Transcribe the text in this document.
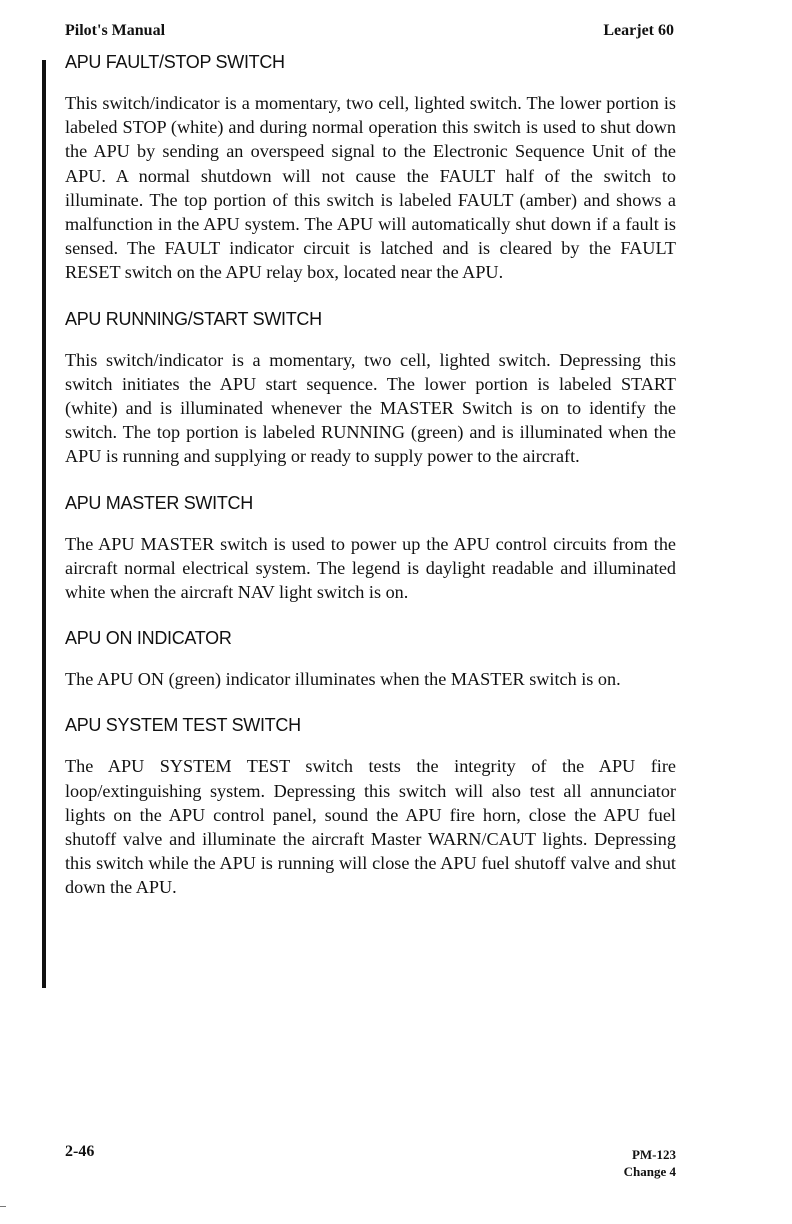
Pilot's Manual	Learjet 60
APU FAULT/STOP SWITCH

This switch/indicator is a momentary, two cell, lighted switch. The lower portion is labeled STOP (white) and during normal operation this switch is used to shut down the APU by sending an overspeed signal to the Electronic Sequence Unit of the APU. A normal shutdown will not cause the FAULT half of the switch to illuminate. The top portion of this switch is labeled FAULT (amber) and shows a malfunction in the APU system. The APU will automatically shut down if a fault is sensed. The FAULT indicator circuit is latched and is cleared by the FAULT RESET switch on the APU relay box, located near the APU.

APU RUNNING/START SWITCH

This switch/indicator is a momentary, two cell, lighted switch. Depressing this switch initiates the APU start sequence. The lower portion is labeled START (white) and is illuminated whenever the MASTER Switch is on to identify the switch. The top portion is labeled RUNNING (green) and is illuminated when the APU is running and supplying or ready to supply power to the aircraft.

APU MASTER SWITCH

The APU MASTER switch is used to power up the APU control circuits from the aircraft normal electrical system. The legend is daylight readable and illuminated white when the aircraft NAV light switch is on.

APU ON INDICATOR

The APU ON (green) indicator illuminates when the MASTER switch is on.

APU SYSTEM TEST SWITCH

The APU SYSTEM TEST switch tests the integrity of the APU fire loop/extinguishing system. Depressing this switch will also test all annunciator lights on the APU control panel, sound the APU fire horn, close the APU fuel shutoff valve and illuminate the aircraft Master WARN/CAUT lights. Depressing this switch while the APU is running will close the APU fuel shutoff valve and shut down the APU.

2-46	PM-123
Change 4
